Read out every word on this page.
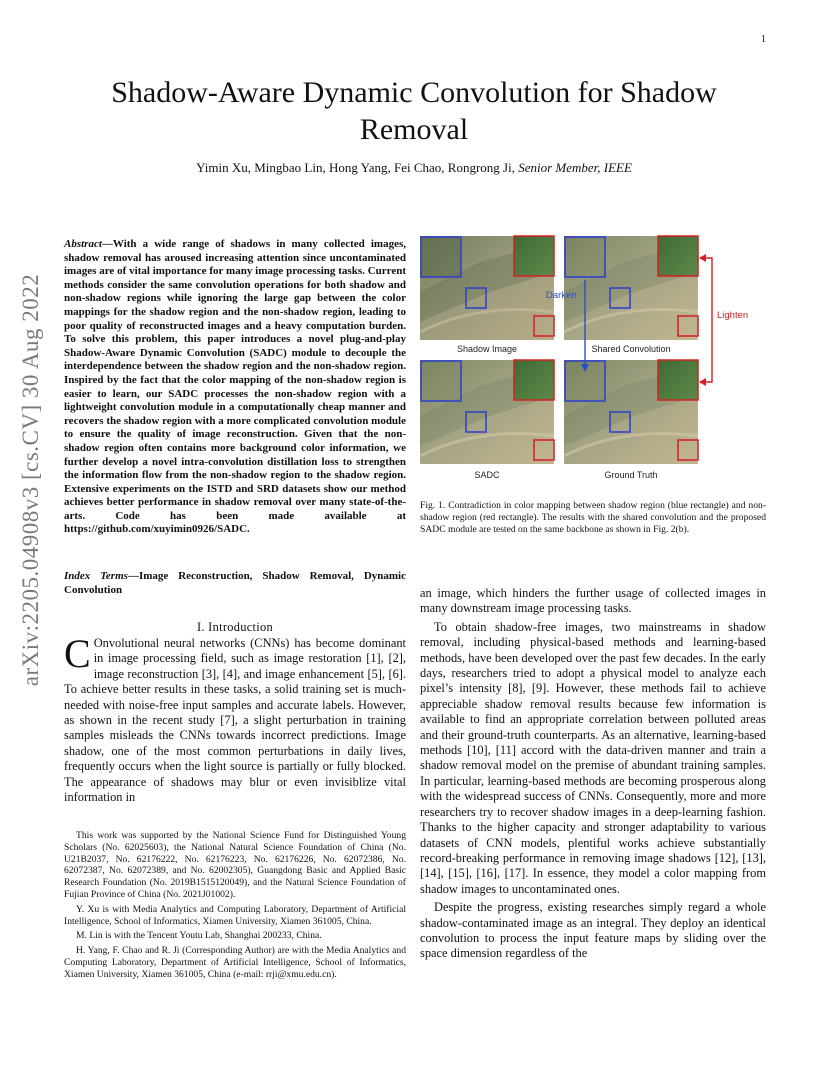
1
Shadow-Aware Dynamic Convolution for Shadow Removal
Yimin Xu, Mingbao Lin, Hong Yang, Fei Chao, Rongrong Ji, Senior Member, IEEE
arXiv:2205.04908v3 [cs.CV] 30 Aug 2022
Abstract—With a wide range of shadows in many collected images, shadow removal has aroused increasing attention since uncontaminated images are of vital importance for many image processing tasks. Current methods consider the same convolution operations for both shadow and non-shadow regions while ignoring the large gap between the color mappings for the shadow region and the non-shadow region, leading to poor quality of reconstructed images and a heavy computation burden. To solve this problem, this paper introduces a novel plug-and-play Shadow-Aware Dynamic Convolution (SADC) module to decouple the interdependence between the shadow region and the non-shadow region. Inspired by the fact that the color mapping of the non-shadow region is easier to learn, our SADC processes the non-shadow region with a lightweight convolution module in a computationally cheap manner and recovers the shadow region with a more complicated convolution module to ensure the quality of image reconstruction. Given that the non-shadow region often contains more background color information, we further develop a novel intra-convolution distillation loss to strengthen the information flow from the non-shadow region to the shadow region. Extensive experiments on the ISTD and SRD datasets show our method achieves better performance in shadow removal over many state-of-the-arts. Code has been made available at https://github.com/xuyimin0926/SADC.
Index Terms—Image Reconstruction, Shadow Removal, Dynamic Convolution
I. Introduction
C Onvolutional neural networks (CNNs) has become dominant in image processing field, such as image restoration [1], [2], image reconstruction [3], [4], and image enhancement [5], [6]. To achieve better results in these tasks, a solid training set is much-needed with noise-free input samples and accurate labels. However, as shown in the recent study [7], a slight perturbation in training samples misleads the CNNs towards incorrect predictions. Image shadow, one of the most common perturbations in daily lives, frequently occurs when the light source is partially or fully blocked. The appearance of shadows may blur or even invisiblize vital information in

This work was supported by the National Science Fund for Distinguished Young Scholars (No. 62025603), the National Natural Science Foundation of China (No. U21B2037, No. 62176222, No. 62176223, No. 62176226, No. 62072386, No. 62072387, No. 62072389, and No. 62002305), Guangdong Basic and Applied Basic Research Foundation (No. 2019B1515120049), and the Natural Science Foundation of Fujian Province of China (No. 2021J01002).

Y. Xu is with Media Analytics and Computing Laboratory, Department of Artificial Intelligence, School of Informatics, Xiamen University, Xiamen 361005, China.

M. Lin is with the Tencent Youtu Lab, Shanghai 200233, China.

H. Yang, F. Chao and R. Ji (Corresponding Author) are with the Media Analytics and Computing Laboratory, Department of Artificial Intelligence, School of Informatics, Xiamen University, Xiamen 361005, China (e-mail: rrji@xmu.edu.cn).

Darken
Lighten
Shadow Image	Shared Convolution
SADC	Ground Truth
Fig. 1. Contradiction in color mapping between shadow region (blue rectangle) and non-shadow region (red rectangle). The results with the shared convolution and the proposed SADC module are tested on the same backbone as shown in Fig. 2(b).

an image, which hinders the further usage of collected images in many downstream image processing tasks.

To obtain shadow-free images, two mainstreams in shadow removal, including physical-based methods and learning-based methods, have been developed over the past few decades. In the early days, researchers tried to adopt a physical model to analyze each pixel’s intensity [8], [9]. However, these methods fail to achieve appreciable shadow removal results because few information is available to find an appropriate correlation between polluted areas and their ground-truth counterparts. As an alternative, learning-based methods [10], [11] accord with the data-driven manner and train a shadow removal model on the premise of abundant training samples. In particular, learning-based methods are becoming prosperous along with the widespread success of CNNs. Consequently, more and more researchers try to recover shadow images in a deep-learning fashion. Thanks to the higher capacity and stronger adaptability to various datasets of CNN models, plentiful works achieve substantially record-breaking performance in removing image shadows [12], [13], [14], [15], [16], [17]. In essence, they model a color mapping from shadow images to uncontaminated ones.

Despite the progress, existing researches simply regard a whole shadow-contaminated image as an integral. They deploy an identical convolution to process the input feature maps by sliding over the space dimension regardless of the
